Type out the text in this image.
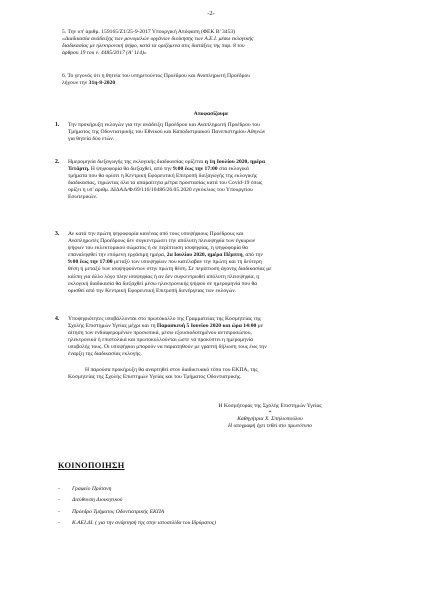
-2-
5. Την υπ' αριθμ. 159165/Ζ1/25-9-2017 Υπουργική Απόφαση (ΦΕΚ Β' 3453)
«Διαδικασία ανάδειξης των μονομελών οργάνων διοίκησης των Α.Ε.Ι. μέσω εκλογικής
διαδικασίας με ηλεκτρονική ψήφο, κατά τα οριζόμενα στις διατάξεις της παρ. 8 του
άρθρου 19 του ν. 4485/2017 (Α' 114)»
6. Το γεγονός ότι η θητεία του υπηρετούντος Προέδρου και Αναπληρωτή Προέδρου
λήγουν την 31η-8-2020
Αποφασίζουμε
1. Την προκήρυξη εκλογών για την ανάδειξη Προέδρου και Αναπληρωτή Προέδρου του
Τμήματος της Οδοντιατρικής του Εθνικού και Καποδιστριακού Πανεπιστημίου Αθηνών
για θητεία δύο ετών.
2. Ημερομηνία διεξαγωγής της εκλογικής διαδικασίας ορίζεται η 1η Ιουλίου 2020, ημέρα
Τετάρτη. Η ψηφοφορία θα διεξαχθεί, από την 9:00 έως την 17:00 στα εκλογικά
τμήματα που θα ορίσει η Κεντρική Εφορευτική Επιτροπή διεξαγωγής της εκλογικής
διαδικασίας, τηρώντας όλα τα απαραίτητα μέτρα προστασίας κατά του Covid-19 όπως
ορίζει η υπ' αριθμ. ΔΙΔΑΔ/Φ.69/116/10486/26.05.2020 εγκύκλιος του Υπουργείου
Εσωτερικών.
3. Αν κατά την πρώτη ψηφοφορία κανένας από τους υποψήφιους Προέδρους και
Αναπληρωτές Προέδρους δεν συγκεντρώσει την απόλυτη πλειοψηφία των έγκυρων
ψήφων του εκλεκτορικού σώματος ή σε περίπτωση ισοψηφίας, η ψηφοφορία θα
επαναληφθεί την επόμενη εργάσιμη ημέρα, 2α Ιουλίου 2020, ημέρα Πέμπτη, από την
9:00 έως την 17:00 μεταξύ των υποψηφίων που κατέλαβαν την πρώτη και τη δεύτερη
θέση ή μεταξύ των ισοψηφούντων στην πρώτη θέση. Σε περίπτωση άγονης διαδικασίας με
κάλπη για άλλο λόγο πλην ισοψηφίας ή αν δεν συγκεντρωθεί απόλυτη πλειοψηφία, η
εκλογική διαδικασία θα διεξαχθεί μέσω ηλεκτρονικής ψήφου σε ημερομηνία που θα
ορισθεί από την Κεντρική Εφορευτική Επιτροπή διενέργειας των εκλογών.
4. Υποψηφιότητες υποβάλλονται στο πρωτόκολλο της Γραμματείας της Κοσμητείας της
Σχολής Επιστημών Υγείας μέχρι και τη Παρασκευή 5 Ιουνίου 2020 και ώρα 14:00 με
αίτηση των ενδιαφερομένων προσωπικά, μέσω εξουσιοδοτημένου αντιπροσώπου,
ηλεκτρονικά ή επιστολικά και πρωτοκολλούνται ώστε να προκύπτει η ημερομηνία
υποβολής τους. Οι υποψήφιοι μπορούν να παραιτηθούν με γραπτή δήλωση τους έως την
έναρξη της διαδικασίας εκλογής.
Η παρούσα προκήρυξη θα αναρτηθεί στον διαδικτυακό τόπο του ΕΚΠΑ, της
Κοσμητείας της Σχολής Επιστημών Υγείας και του Τμήματος Οδοντιατρικής.
Η Κοσμήτορας της Σχολής Επιστημών Υγείας
*
Καθηγήτρια Χ. Σπηλιοπούλου
Η υπογραφή έχει τεθεί στο πρωτότυπο
ΚΟΙΝΟΠΟΙΗΣΗ
-	Γραφείο Πρύτανη
-	Διεύθυνση Διοικητικού
-	Πρόεδρο Τμήματος Οδοντιατρικής ΕΚΠΑ
-	Κ.ΑΕΙ.ΔΙ. ( για την ανάρτησή της στην ιστοσελίδα του Ιδρύματος)
